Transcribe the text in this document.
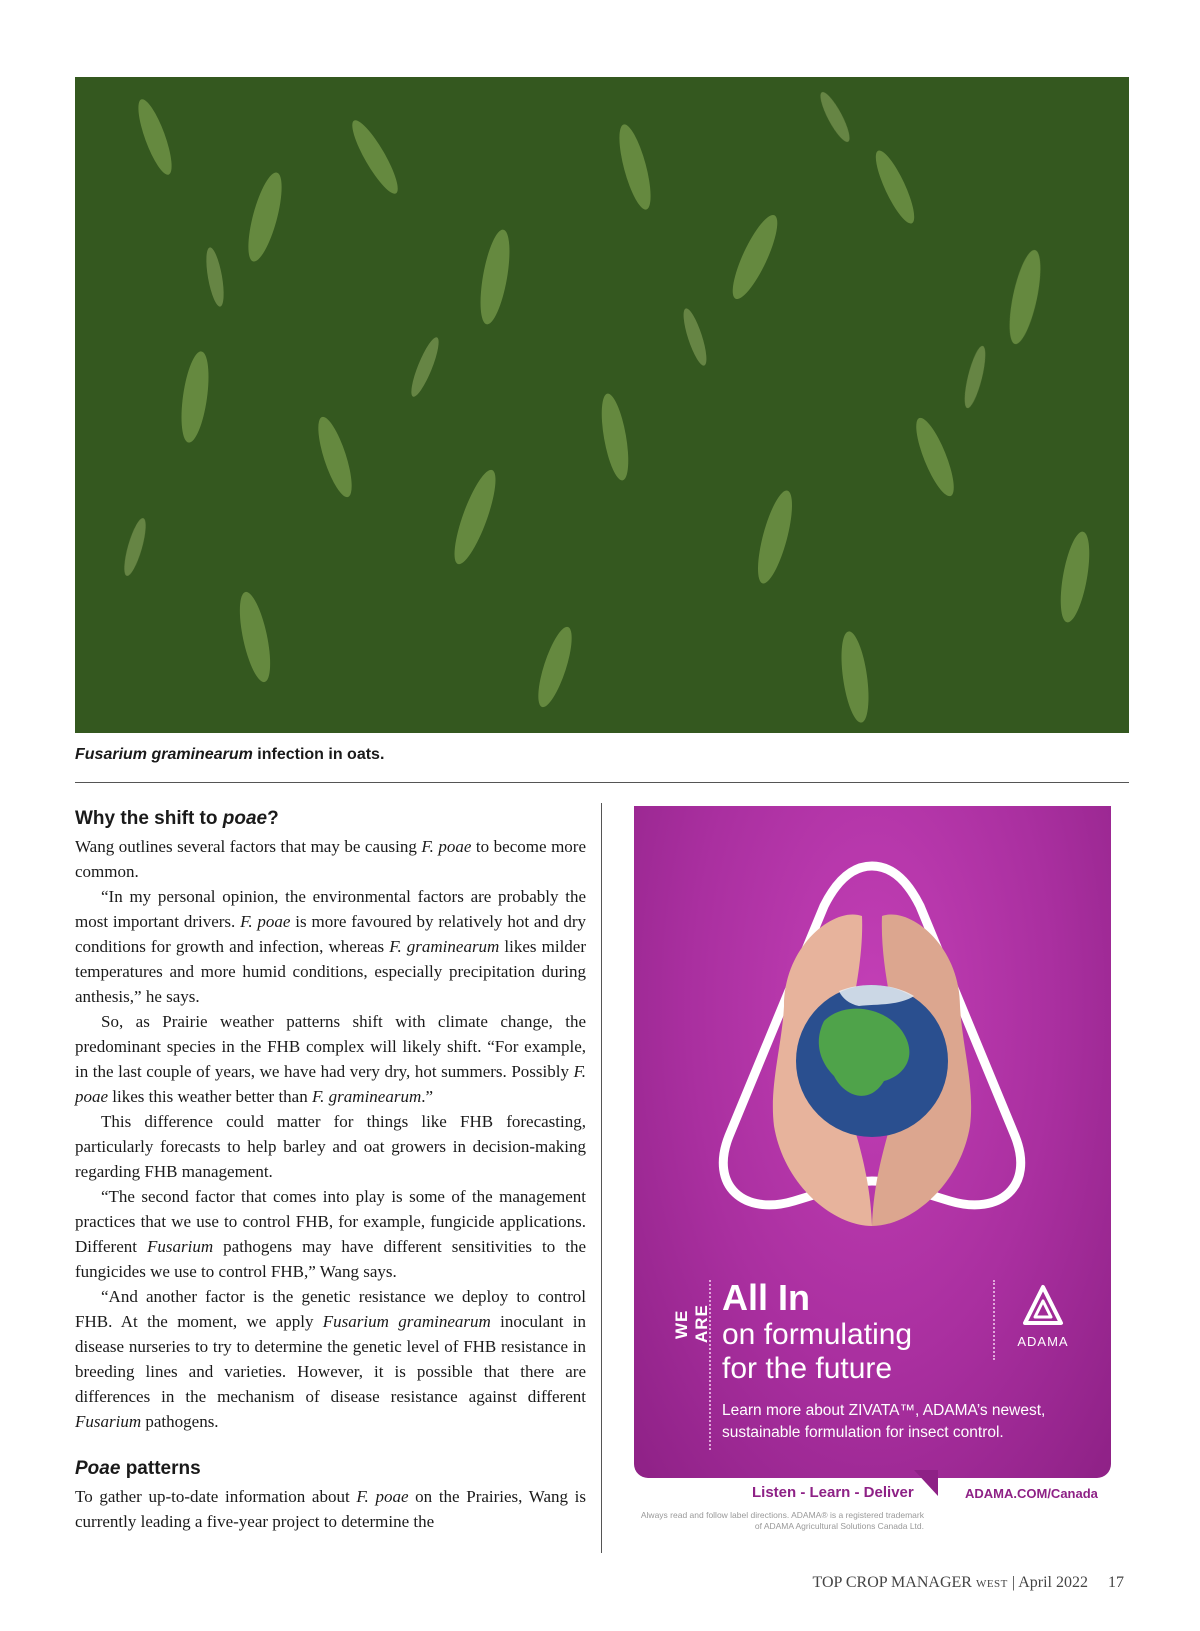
Fusarium graminearum infection in oats.
Why the shift to poae?

Wang outlines several factors that may be causing F. poae to become more common.

“In my personal opinion, the environmental factors are probably the most important drivers. F. poae is more favoured by relatively hot and dry conditions for growth and infection, whereas F. graminearum likes milder temperatures and more humid conditions, especially precipitation during anthesis,” he says.

So, as Prairie weather patterns shift with climate change, the predominant species in the FHB complex will likely shift. “For example, in the last couple of years, we have had very dry, hot summers. Possibly F. poae likes this weather better than F. graminearum.”

This difference could matter for things like FHB forecasting, particularly forecasts to help barley and oat growers in decision-making regarding FHB management.

“The second factor that comes into play is some of the management practices that we use to control FHB, for example, fungicide applications. Different Fusarium pathogens may have different sensitivities to the fungicides we use to control FHB,” Wang says.

“And another factor is the genetic resistance we deploy to control FHB. At the moment, we apply Fusarium graminearum inoculant in disease nurseries to try to determine the genetic level of FHB resistance in breeding lines and varieties. However, it is possible that there are differences in the mechanism of disease resistance against different Fusarium pathogens.

Poae patterns

To gather up-to-date information about F. poae on the Prairies, Wang is currently leading a five-year project to determine the

WE ARE
All In
on formulating
for the future
ADAMA
Learn more about ZIVATA™, ADAMA’s newest, sustainable formulation for insect control.
Listen - Learn - Deliver	ADAMA.COM/Canada
Always read and follow label directions. ADAMA® is a registered trademark of ADAMA Agricultural Solutions Canada Ltd.
TOP CROP MANAGER WEST | April 2022 17
